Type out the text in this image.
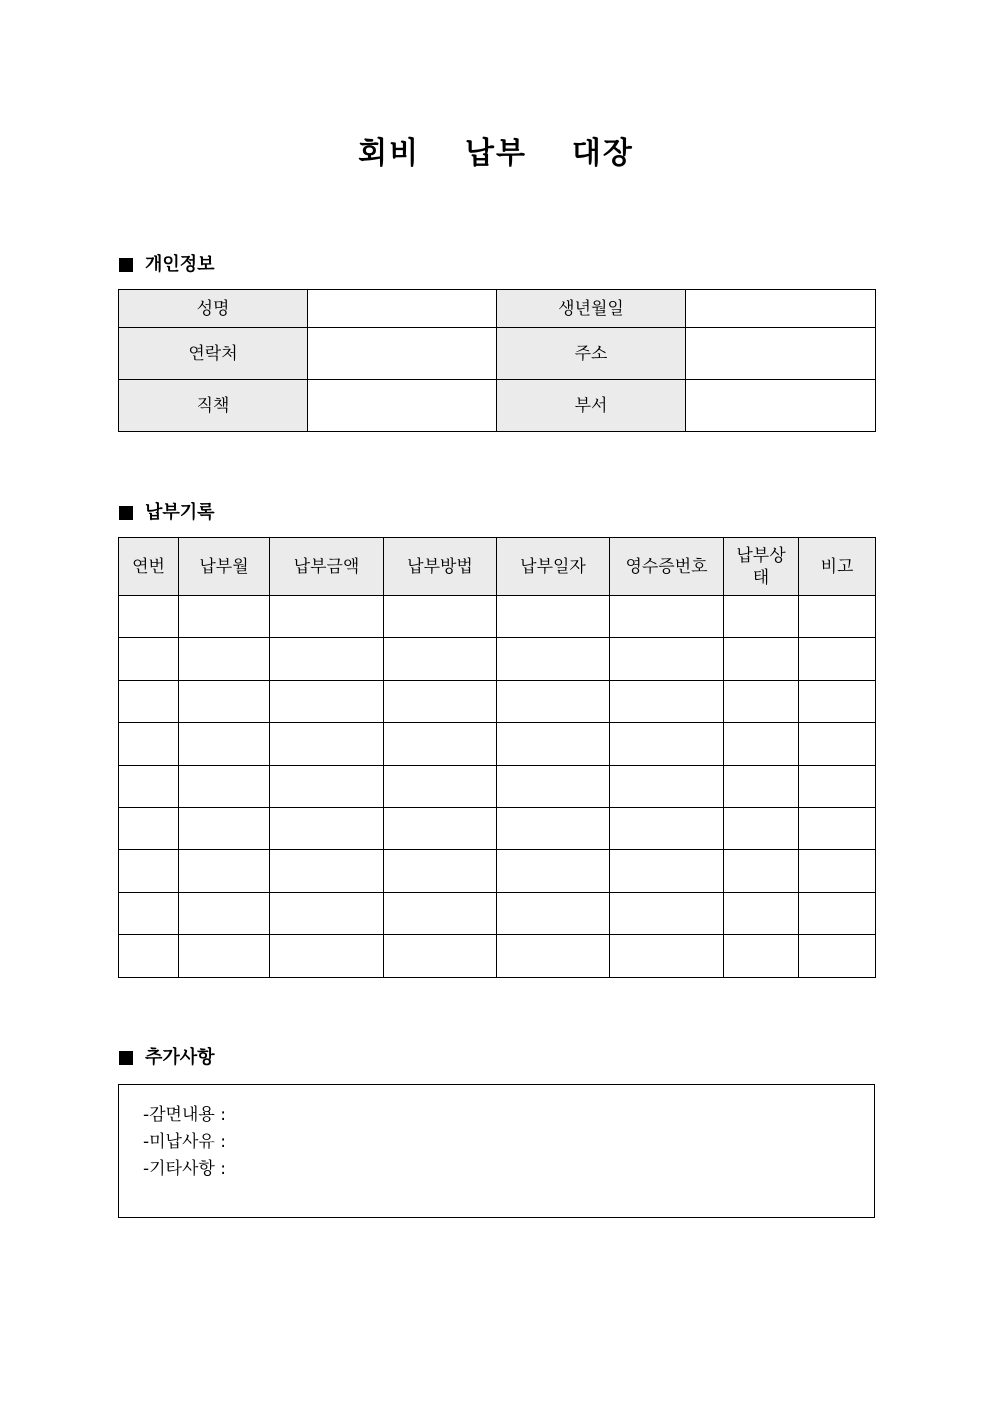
회비  납부  대장
개인정보
성명		생년월일	
연락처		주소	
직책		부서	
납부기록
연번	납부월	납부금액	납부방법	납부일자	영수증번호	납부상태	비고

추가사항
-감면내용 :
-미납사유 :
-기타사항 :
